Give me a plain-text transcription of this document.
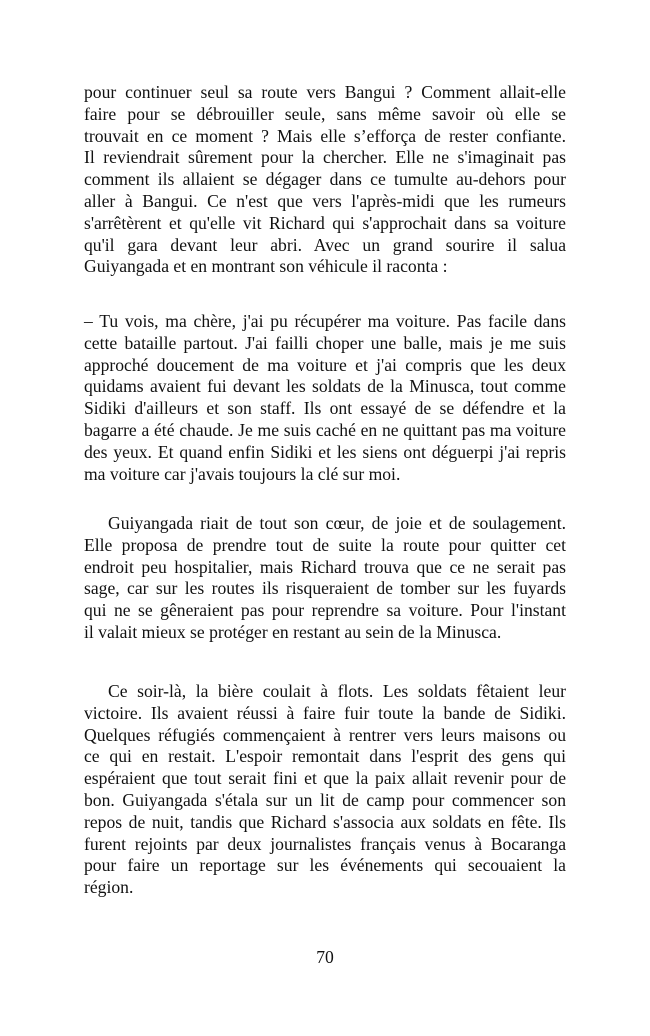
pour continuer seul sa route vers Bangui ? Comment allait-elle
faire pour se débrouiller seule, sans même savoir où elle se
trouvait en ce moment ? Mais elle s’efforça de rester confiante.
Il reviendrait sûrement pour la chercher. Elle ne s'imaginait pas
comment ils allaient se dégager dans ce tumulte au-dehors pour
aller à Bangui. Ce n'est que vers l'après-midi que les rumeurs
s'arrêtèrent et qu'elle vit Richard qui s'approchait dans sa voiture
qu'il gara devant leur abri. Avec un grand sourire il salua
Guiyangada et en montrant son véhicule il raconta :
– Tu vois, ma chère, j'ai pu récupérer ma voiture. Pas facile dans
cette bataille partout. J'ai failli choper une balle, mais je me suis
approché doucement de ma voiture et j'ai compris que les deux
quidams avaient fui devant les soldats de la Minusca, tout comme
Sidiki d'ailleurs et son staff. Ils ont essayé de se défendre et la
bagarre a été chaude. Je me suis caché en ne quittant pas ma voiture
des yeux. Et quand enfin Sidiki et les siens ont déguerpi j'ai repris
ma voiture car j'avais toujours la clé sur moi.
Guiyangada riait de tout son cœur, de joie et de soulagement.
Elle proposa de prendre tout de suite la route pour quitter cet
endroit peu hospitalier, mais Richard trouva que ce ne serait pas
sage, car sur les routes ils risqueraient de tomber sur les fuyards
qui ne se gêneraient pas pour reprendre sa voiture. Pour l'instant
il valait mieux se protéger en restant au sein de la Minusca.
Ce soir-là, la bière coulait à flots. Les soldats fêtaient leur
victoire. Ils avaient réussi à faire fuir toute la bande de Sidiki.
Quelques réfugiés commençaient à rentrer vers leurs maisons ou
ce qui en restait. L'espoir remontait dans l'esprit des gens qui
espéraient que tout serait fini et que la paix allait revenir pour de
bon. Guiyangada s'étala sur un lit de camp pour commencer son
repos de nuit, tandis que Richard s'associa aux soldats en fête. Ils
furent rejoints par deux journalistes français venus à Bocaranga
pour faire un reportage sur les événements qui secouaient la
région.
70
